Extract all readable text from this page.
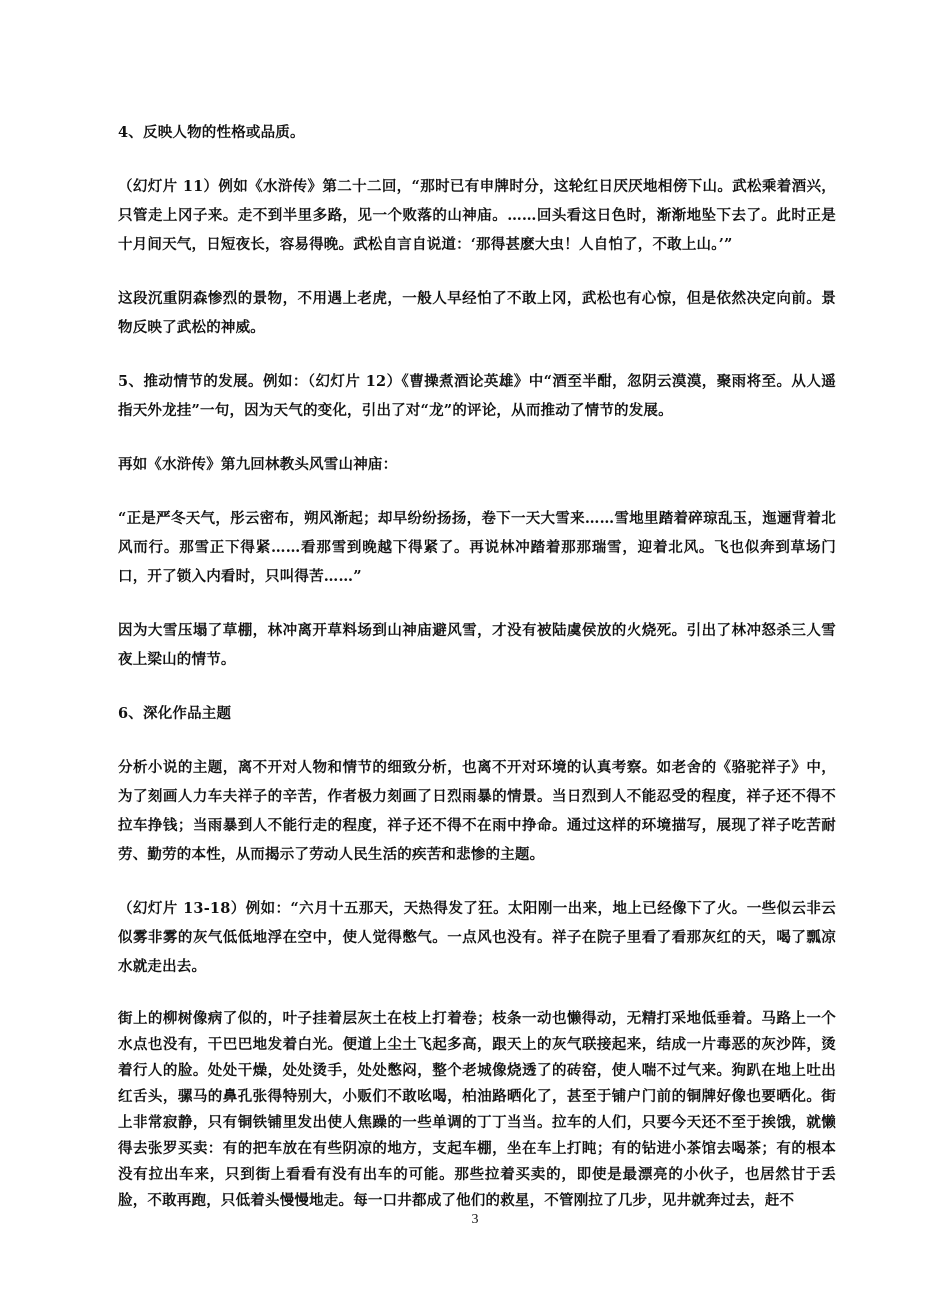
4、反映人物的性格或品质。

（幻灯片 11）例如《水浒传》第二十二回，“那时已有申牌时分，这轮红日厌厌地相傍下山。武松乘着酒兴，只管走上冈子来。走不到半里多路，见一个败落的山神庙。……回头看这日色时，渐渐地坠下去了。此时正是十月间天气，日短夜长，容易得晚。武松自言自说道：‘那得甚麽大虫！人自怕了，不敢上山。’”

这段沉重阴森惨烈的景物，不用遇上老虎，一般人早经怕了不敢上冈，武松也有心惊，但是依然决定向前。景物反映了武松的神威。

5、推动情节的发展。例如：（幻灯片 12）《曹操煮酒论英雄》中“酒至半酣，忽阴云漠漠，聚雨将至。从人遥指天外龙挂”一句，因为天气的变化，引出了对“龙”的评论，从而推动了情节的发展。

再如《水浒传》第九回林教头风雪山神庙：

“正是严冬天气，彤云密布，朔风渐起；却早纷纷扬扬，卷下一天大雪来……雪地里踏着碎琼乱玉，迤逦背着北风而行。那雪正下得紧……看那雪到晚越下得紧了。再说林冲踏着那那瑞雪，迎着北风。飞也似奔到草场门口，开了锁入内看时，只叫得苦……”

因为大雪压塌了草棚，林冲离开草料场到山神庙避风雪，才没有被陆虞侯放的火烧死。引出了林冲怒杀三人雪夜上梁山的情节。

6、深化作品主题

分析小说的主题，离不开对人物和情节的细致分析，也离不开对环境的认真考察。如老舍的《骆驼祥子》中，为了刻画人力车夫祥子的辛苦，作者极力刻画了日烈雨暴的情景。当日烈到人不能忍受的程度，祥子还不得不拉车挣钱；当雨暴到人不能行走的程度，祥子还不得不在雨中挣命。通过这样的环境描写，展现了祥子吃苦耐劳、勤劳的本性，从而揭示了劳动人民生活的疾苦和悲惨的主题。

（幻灯片 13-18）例如：“六月十五那天，天热得发了狂。太阳刚一出来，地上已经像下了火。一些似云非云似雾非雾的灰气低低地浮在空中，使人觉得憋气。一点风也没有。祥子在院子里看了看那灰红的天，喝了瓢凉水就走出去。

街上的柳树像病了似的，叶子挂着层灰土在枝上打着卷；枝条一动也懒得动，无精打采地低垂着。马路上一个水点也没有，干巴巴地发着白光。便道上尘土飞起多高，跟天上的灰气联接起来，结成一片毒恶的灰沙阵，烫着行人的脸。处处干燥，处处烫手，处处憋闷，整个老城像烧透了的砖窑，使人喘不过气来。狗趴在地上吐出红舌头，骡马的鼻孔张得特别大，小贩们不敢吆喝，柏油路晒化了，甚至于铺户门前的铜牌好像也要晒化。街上非常寂静，只有铜铁铺里发出使人焦躁的一些单调的丁丁当当。拉车的人们，只要今天还不至于挨饿，就懒得去张罗买卖：有的把车放在有些阴凉的地方，支起车棚，坐在车上打盹；有的钻进小茶馆去喝茶；有的根本没有拉出车来，只到街上看看有没有出车的可能。那些拉着买卖的，即使是最漂亮的小伙子，也居然甘于丢脸，不敢再跑，只低着头慢慢地走。每一口井都成了他们的救星，不管刚拉了几步，见井就奔过去，赶不

3
